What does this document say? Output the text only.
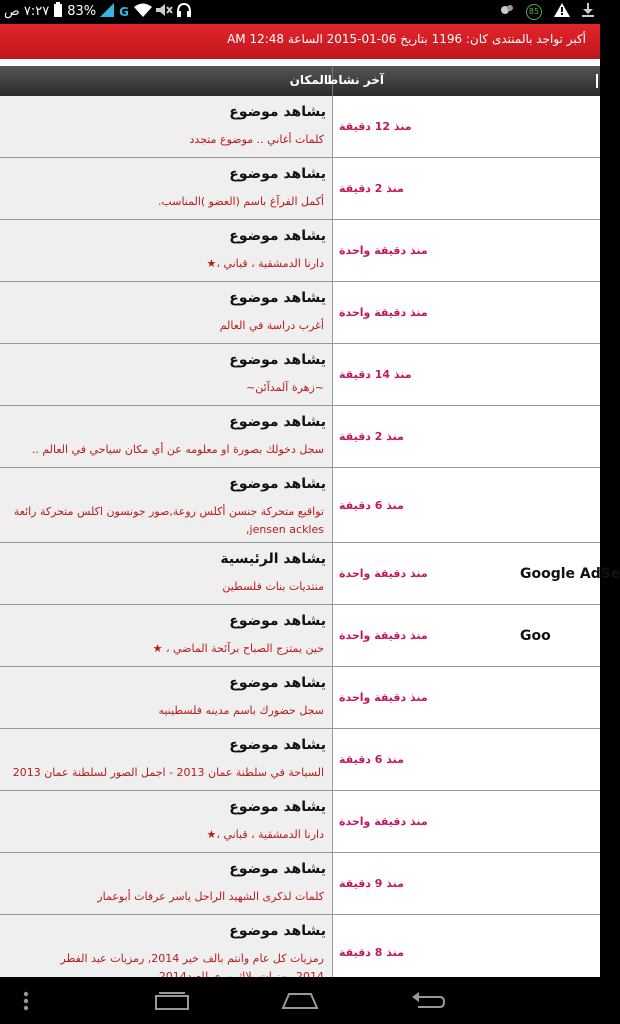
٧:٢٧ ص 83% G	85
أكبر تواجد بالمنتدى كان: 1196 بتاريخ 06-01-2015 الساعة 12:48 AM
المكان
آخر نشاط
منذ 12 دقيقة
يشاهد موضوع
كلمات أغاني .. موضوع متجدد
منذ 2 دقيقة
يشاهد موضوع
أكمل الفرآغ باسم (العضو )المناسب.
منذ دقيقة واحدة
يشاهد موضوع
دارنا الدمشقية ، قباني ،★
منذ دقيقة واحدة
يشاهد موضوع
أغرب دراسة في العالم
منذ 14 دقيقة
يشاهد موضوع
~زهرة آلمدآئن~
منذ 2 دقيقة
يشاهد موضوع
سجل دخولك بصورة او معلومه عن أي مكان سياحي في العالم ..
منذ 6 دقيقة
يشاهد موضوع
تواقيع متحركة جنسن أكلس روعة,صور جونسون اكلس متحركة رائعة jensen ackles,
منذ دقيقة واحدة	Google AdSe
يشاهد الرئيسية
منتديات بنات فلسطين
منذ دقيقة واحدة	Goo
يشاهد موضوع
حين يمتزج الصباح برآئحة الماضي ، ★
منذ دقيقة واحدة
يشاهد موضوع
سجل حضورك باسم مدينه فلسطينيه
منذ 6 دقيقة
يشاهد موضوع
السياحة في سلطنة عمان 2013 - اجمل الصور لسلطنة عمان 2013
منذ دقيقة واحدة
يشاهد موضوع
دارنا الدمشقية ، قباني ،★
منذ 9 دقيقة
يشاهد موضوع
كلمات لذكرى الشهيد الراحل ياسر عرفات أبوعمار
منذ 8 دقيقة
يشاهد موضوع
رمزيات كل عام وانتم بالف خير 2014, رمزيات عيد الفطر
